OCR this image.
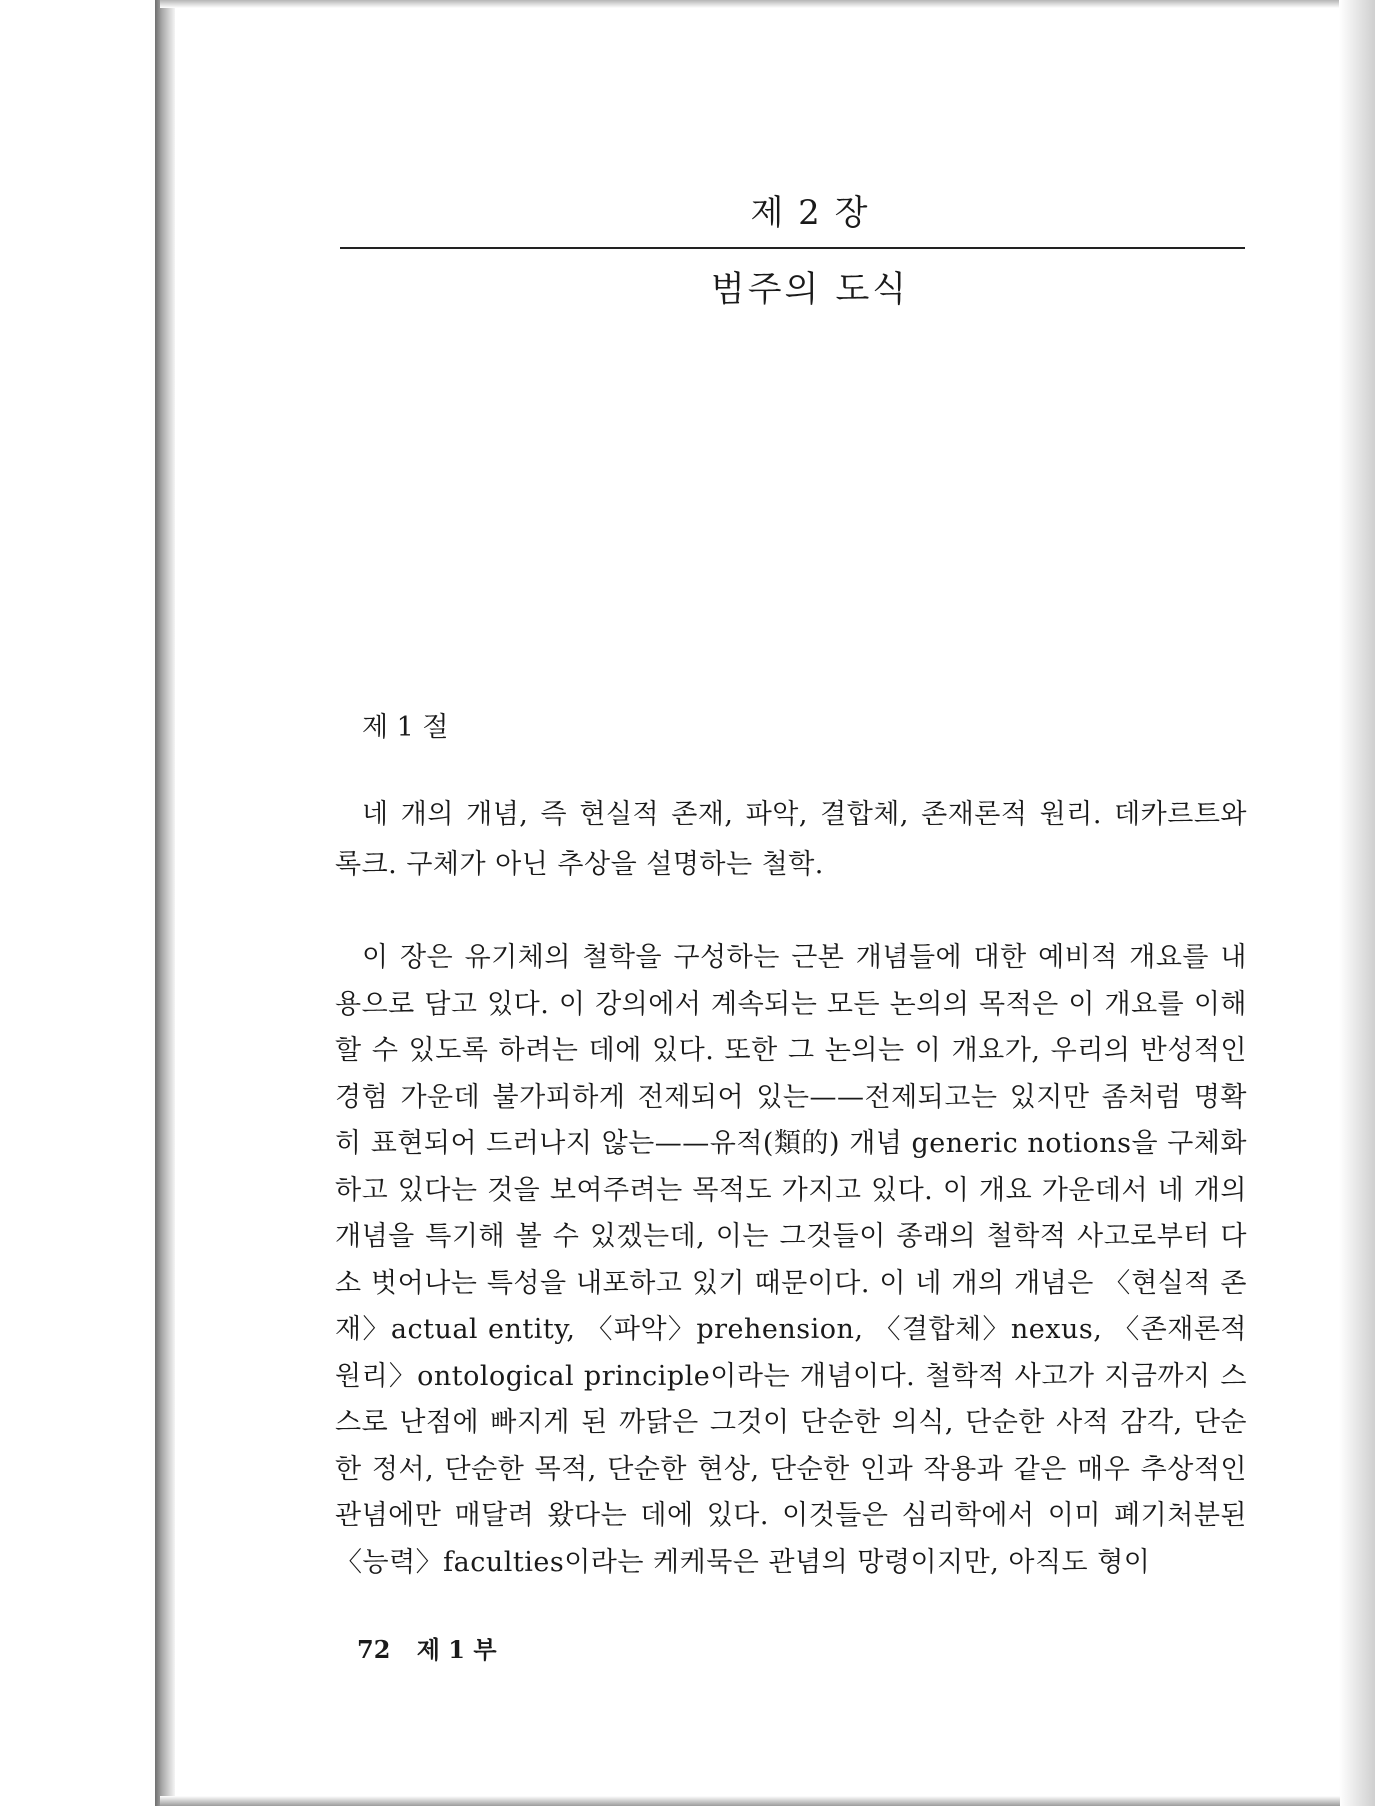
제 2 장
범주의 도식
제 1 절

네 개의 개념, 즉 현실적 존재, 파악, 결합체, 존재론적 원리. 데카르트와 록크. 구체가 아닌 추상을 설명하는 철학.

이 장은 유기체의 철학을 구성하는 근본 개념들에 대한 예비적 개요를 내용으로 담고 있다. 이 강의에서 계속되는 모든 논의의 목적은 이 개요를 이해할 수 있도록 하려는 데에 있다. 또한 그 논의는 이 개요가, 우리의 반성적인 경험 가운데 불가피하게 전제되어 있는——전제되고는 있지만 좀처럼 명확히 표현되어 드러나지 않는——유적(類的) 개념 generic notions을 구체화하고 있다는 것을 보여주려는 목적도 가지고 있다. 이 개요 가운데서 네 개의 개념을 특기해 볼 수 있겠는데, 이는 그것들이 종래의 철학적 사고로부터 다소 벗어나는 특성을 내포하고 있기 때문이다. 이 네 개의 개념은 〈현실적 존재〉actual entity, 〈파악〉prehension, 〈결합체〉nexus, 〈존재론적 원리〉ontological principle이라는 개념이다. 철학적 사고가 지금까지 스스로 난점에 빠지게 된 까닭은 그것이 단순한 의식, 단순한 사적 감각, 단순한 정서, 단순한 목적, 단순한 현상, 단순한 인과 작용과 같은 매우 추상적인 관념에만 매달려 왔다는 데에 있다. 이것들은 심리학에서 이미 폐기처분된 〈능력〉faculties이라는 케케묵은 관념의 망령이지만, 아직도 형이

72 제 1 부
